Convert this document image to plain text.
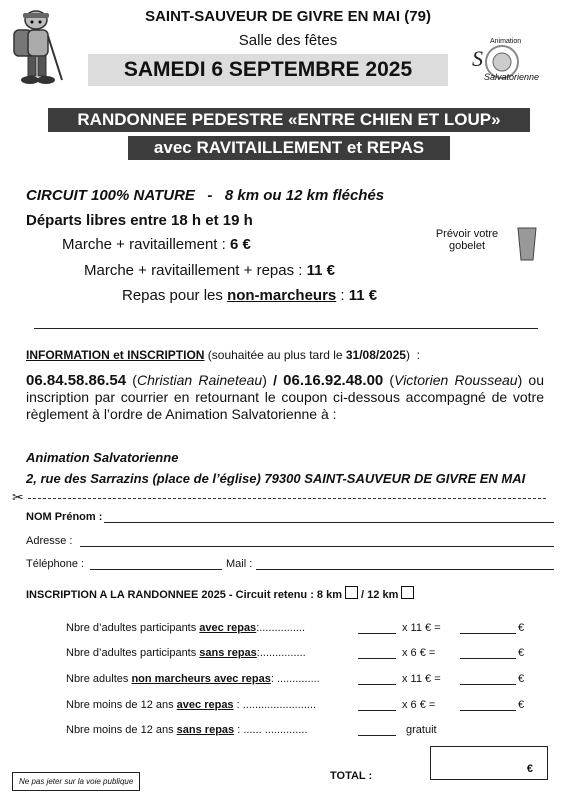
SAINT-SAUVEUR DE GIVRE EN MAI (79)
Salle des fêtes
SAMEDI 6 SEPTEMBRE 2025	S
Animation
Salvatorienne
RANDONNEE PEDESTRE «ENTRE CHIEN ET LOUP»
avec RAVITAILLEMENT et REPAS
CIRCUIT 100% NATURE   -   8 km ou 12 km fléchés
Départs libres entre 18 h et 19 h
Marche + ravitaillement : 6 €
Marche + ravitaillement + repas : 11 €
Repas pour les non-marcheurs : 11 €
Prévoir votre
gobelet
INFORMATION et INSCRIPTION (souhaitée au plus tard le 31/08/2025)  :
06.84.58.86.54 (Christian Raineteau) / 06.16.92.48.00 (Victorien Rousseau) ou inscription par courrier en retournant le coupon ci-dessous accompagné de votre règlement à l’ordre de Animation Salvatorienne à :
Animation Salvatorienne
2, rue des Sarrazins (place de l’église) 79300 SAINT-SAUVEUR DE GIVRE EN MAI
✂
NOM Prénom :
Adresse :
Téléphone :	Mail :
INSCRIPTION A LA RANDONNEE 2025 - Circuit retenu : 8 km / 12 km
Nbre d’adultes participants avec repas:...............	x 11 € =	€
Nbre d’adultes participants sans repas:...............	x 6 € =	€
Nbre adultes non marcheurs avec repas: ..............	x 11 € =	€
Nbre moins de 12 ans avec repas : ........................	x 6 € =	€
Nbre moins de 12 ans sans repas : ...... ..............	gratuit
TOTAL :
€
Ne pas jeter sur la voie publique
